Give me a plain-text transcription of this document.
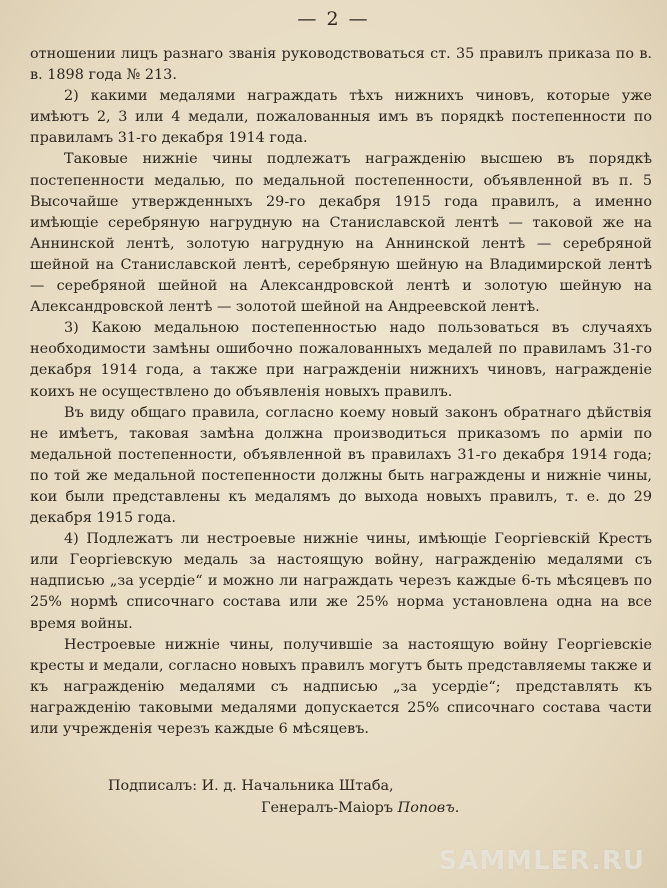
— 2 —

отношении лицъ разнаго званія руководствоваться ст. 35 правилъ приказа по в. в. 1898 года № 213.

2) какими медалями награждать тѣхъ нижнихъ чиновъ, которые уже имѣютъ 2, 3 или 4 медали, пожалованныя имъ въ порядкѣ постепенности по правиламъ 31-го декабря 1914 года.

Таковые нижніе чины подлежатъ награжденію высшею въ порядкѣ постепенности медалью, по медальной постепенности, объявленной въ п. 5 Высочайше утвержденныхъ 29-го декабря 1915 года правилъ, а именно имѣющіе серебряную нагрудную на Станиславской лентѣ — таковой же на Аннинской лентѣ, золотую нагрудную на Аннинской лентѣ — серебряной шейной на Станиславской лентѣ, серебряную шейную на Владимирской лентѣ — серебряной шейной на Александровской лентѣ и золотую шейную на Александровской лентѣ — золотой шейной на Андреевской лентѣ.

3) Какою медальною постепенностью надо пользоваться въ случаяхъ необходимости замѣны ошибочно пожалованныхъ медалей по правиламъ 31-го декабря 1914 года, а также при награжденіи нижнихъ чиновъ, награжденіе коихъ не осуществлено до объявленія новыхъ правилъ.

Въ виду общаго правила, согласно коему новый законъ обратнаго дѣйствія не имѣетъ, таковая замѣна должна производиться приказомъ по арміи по медальной постепенности, объявленной въ правилахъ 31-го декабря 1914 года; по той же медальной постепенности должны быть награждены и нижніе чины, кои были представлены къ медалямъ до выхода новыхъ правилъ, т. е. до 29 декабря 1915 года.

4) Подлежатъ ли нестроевые нижніе чины, имѣющіе Георгіевскій Крестъ или Георгіевскую медаль за настоящую войну, награжденію медалями съ надписью „за усердіе“ и можно ли награждать черезъ каждые 6-ть мѣсяцевъ по 25% нормѣ списочнаго состава или же 25% норма установлена одна на все время войны.

Нестроевые нижніе чины, получившіе за настоящую войну Георгіевскіе кресты и медали, согласно новыхъ правилъ могутъ быть представляемы также и къ награжденію медалями съ надписью „за усердіе“; представлять къ награжденію таковыми медалями допускается 25% списочнаго состава части или учрежденія черезъ каждые 6 мѣсяцевъ.

Подписалъ: И. д. Начальника Штаба,
Генералъ-Маіоръ Поповъ.
SAMMLER.RU
